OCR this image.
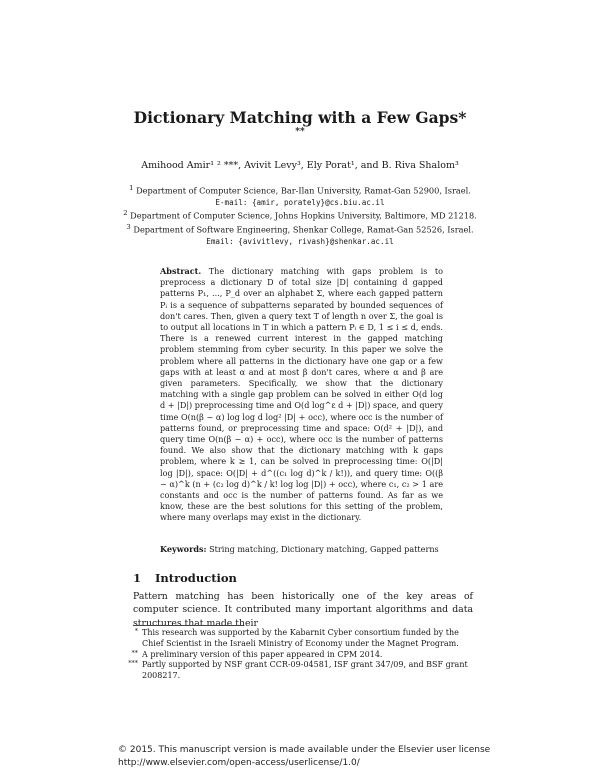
Dictionary Matching with a Few Gaps*
**
Amihood Amir¹ ² ***, Avivit Levy³, Ely Porat¹, and B. Riva Shalom³
$^1$ Department of Computer Science, Bar-Ilan University, Ramat-Gan 52900, Israel.
E-mail: {amir, porately}@cs.biu.ac.il
$^2$ Department of Computer Science, Johns Hopkins University, Baltimore, MD 21218.
$^3$ Department of Software Engineering, Shenkar College, Ramat-Gan 52526, Israel.
Email: {avivitlevy, rivash}@shenkar.ac.il
Abstract. The dictionary matching with gaps problem is to preprocess a dictionary D of total size |D| containing d gapped patterns P₁, ..., P_d over an alphabet Σ, where each gapped pattern Pᵢ is a sequence of subpatterns separated by bounded sequences of don't cares. Then, given a query text T of length n over Σ, the goal is to output all locations in T in which a pattern Pᵢ ∈ D, 1 ≤ i ≤ d, ends. There is a renewed current interest in the gapped matching problem stemming from cyber security. In this paper we solve the problem where all patterns in the dictionary have one gap or a few gaps with at least α and at most β don't cares, where α and β are given parameters. Specifically, we show that the dictionary matching with a single gap problem can be solved in either O(d log d + |D|) preprocessing time and O(d log^ε d + |D|) space, and query time O(n(β − α) log log d log² |D| + occ), where occ is the number of patterns found, or preprocessing time and space: O(d² + |D|), and query time O(n(β − α) + occ), where occ is the number of patterns found. We also show that the dictionary matching with k gaps problem, where k ≥ 1, can be solved in preprocessing time: O(|D| log |D|), space: O(|D| + d^((c₁ log d)^k / k!)), and query time: O((β − α)^k (n + (c₂ log d)^k / k! log log |D|) + occ), where c₁, c₂ > 1 are constants and occ is the number of patterns found. As far as we know, these are the best solutions for this setting of the problem, where many overlaps may exist in the dictionary.
Keywords: String matching, Dictionary matching, Gapped patterns
1 Introduction
Pattern matching has been historically one of the key areas of computer science. It contributed many important algorithms and data structures that made their
* This research was supported by the Kabarnit Cyber consortium funded by the Chief Scientist in the Israeli Ministry of Economy under the Magnet Program.
** A preliminary version of this paper appeared in CPM 2014.
*** Partly supported by NSF grant CCR-09-04581, ISF grant 347/09, and BSF grant 2008217.
© 2015. This manuscript version is made available under the Elsevier user license
http://www.elsevier.com/open-access/userlicense/1.0/
